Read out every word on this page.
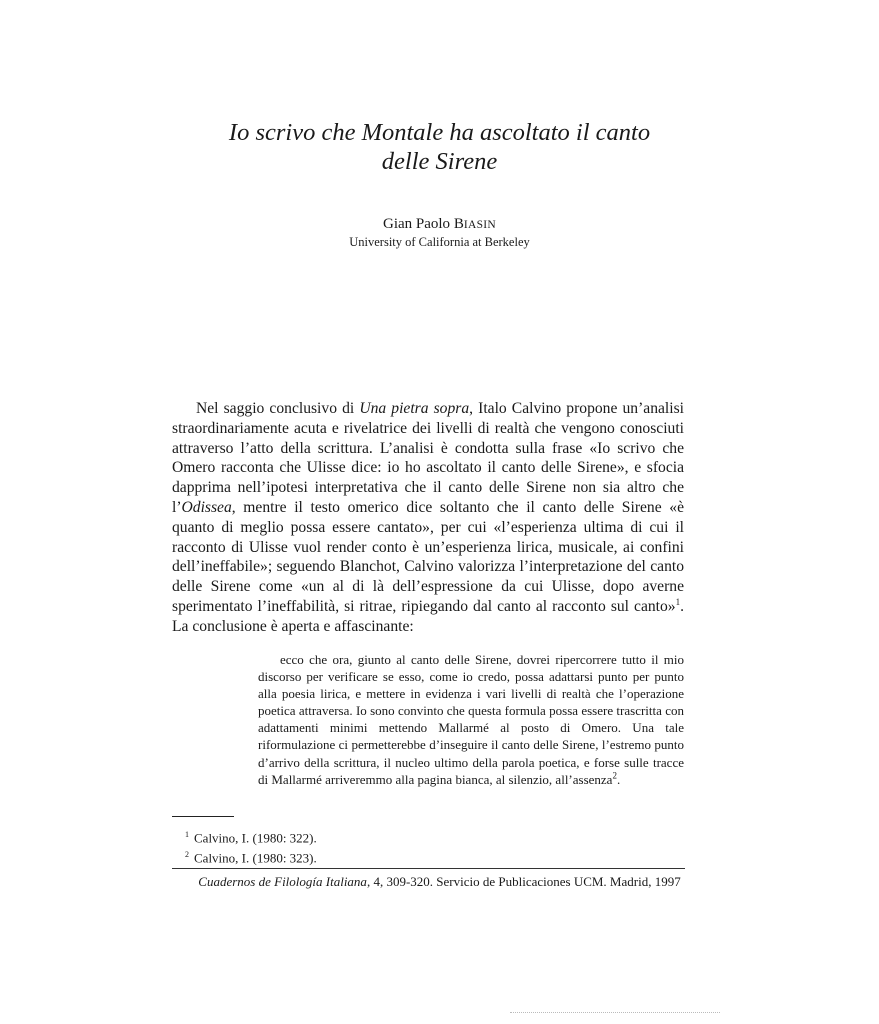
Io scrivo che Montale ha ascoltato il canto
delle Sirene
Gian Paolo BIASIN
University of California at Berkeley

Nel saggio conclusivo di Una pietra sopra, Italo Calvino propone un’analisi straordinariamente acuta e rivelatrice dei livelli di realtà che vengono conosciuti attraverso l’atto della scrittura. L’analisi è condotta sulla frase «Io scrivo che Omero racconta che Ulisse dice: io ho ascoltato il canto delle Sirene», e sfocia dapprima nell’ipotesi interpretativa che il canto delle Sirene non sia altro che l’Odissea, mentre il testo omerico dice soltanto che il canto delle Sirene «è quanto di meglio possa essere cantato», per cui «l’esperienza ultima di cui il racconto di Ulisse vuol render conto è un’esperienza lirica, musicale, ai confini dell’ineffabile»; seguendo Blanchot, Calvino valorizza l’interpretazione del canto delle Sirene come «un al di là dell’espressione da cui Ulisse, dopo averne sperimentato l’ineffabilità, si ritrae, ripiegando dal canto al racconto sul canto»$^1$. La conclusione è aperta e affascinante:

ecco che ora, giunto al canto delle Sirene, dovrei ripercorrere tutto il mio discorso per verificare se esso, come io credo, possa adattarsi punto per punto alla poesia lirica, e mettere in evidenza i vari livelli di realtà che l’operazione poetica attraversa. Io sono convinto che questa formula possa essere trascritta con adattamenti minimi mettendo Mallarmé al posto di Omero. Una tale riformulazione ci permetterebbe d’inseguire il canto delle Sirene, l’estremo punto d’arrivo della scrittura, il nucleo ultimo della parola poetica, e forse sulle tracce di Mallarmé arriveremmo alla pagina bianca, al silenzio, all’assenza$^2$.

$^1$ Calvino, I. (1980: 322).
$^2$ Calvino, I. (1980: 323).
Cuadernos de Filología Italiana, 4, 309-320. Servicio de Publicaciones UCM. Madrid, 1997
